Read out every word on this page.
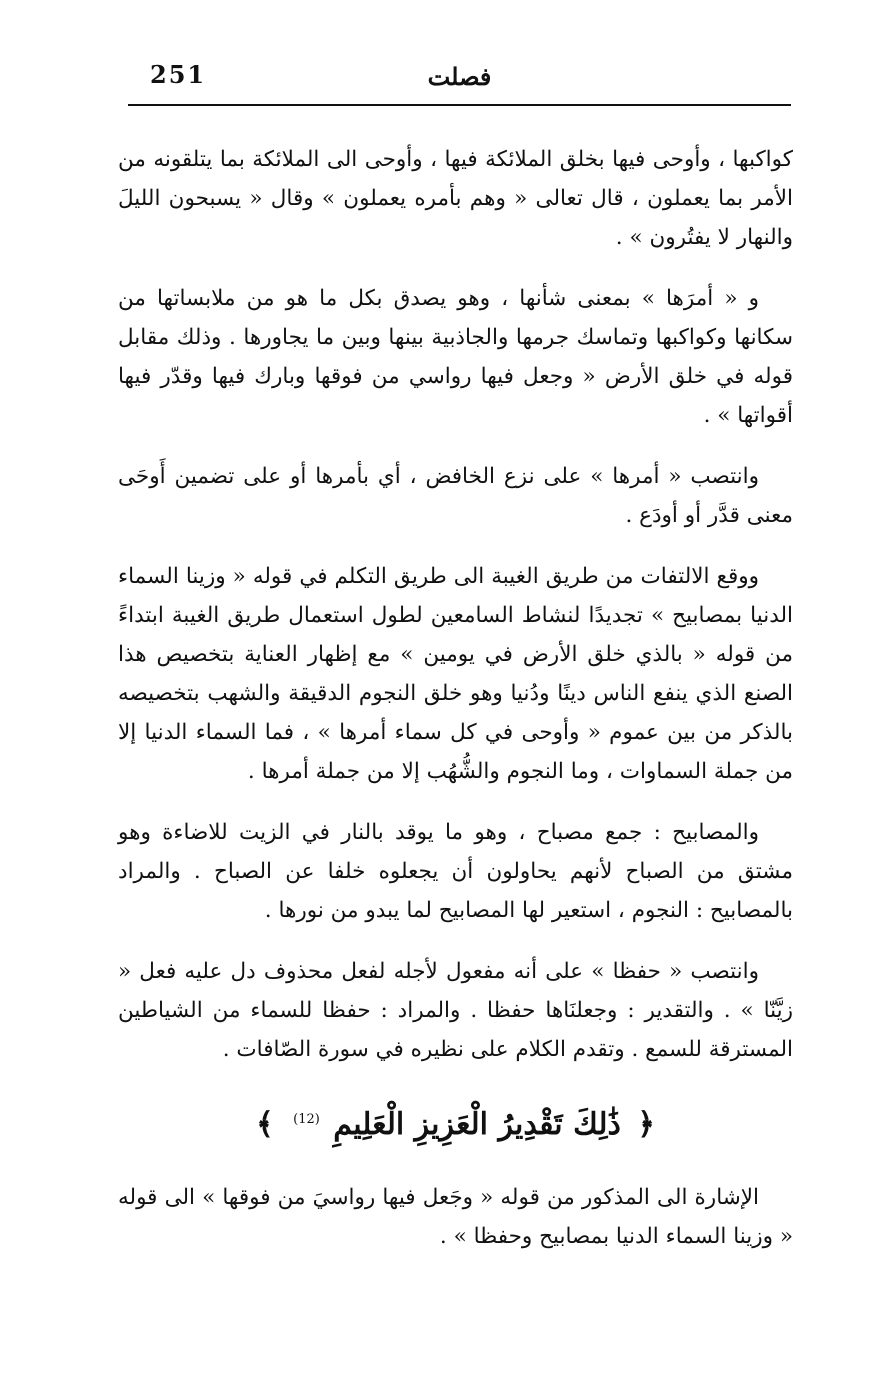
251	فصلت

كواكبها ، وأوحى فيها بخلق الملائكة فيها ، وأوحى الى الملائكة بما يتلقونه من الأمر بما يعملون ، قال تعالى « وهم بأمره يعملون » وقال « يسبحون الليلَ والنهار لا يفتُرون » .

و « أمرَها » بمعنى شأنها ، وهو يصدق بكل ما هو من ملابساتها من سكانها وكواكبها وتماسك جرمها والجاذبية بينها وبين ما يجاورها . وذلك مقابل قوله في خلق الأرض « وجعل فيها رواسي من فوقها وبارك فيها وقدّر فيها أقواتها » .

وانتصب « أمرها » على نزع الخافض ، أي بأمرها أو على تضمين أَوحَى معنى قدَّر أو أودَع .

ووقع الالتفات من طريق الغيبة الى طريق التكلم في قوله « وزينا السماء الدنيا بمصابيح » تجديدًا لنشاط السامعين لطول استعمال طريق الغيبة ابتداءً من قوله « بالذي خلق الأرض في يومين » مع إظهار العناية بتخصيص هذا الصنع الذي ينفع الناس دينًا ودُنيا وهو خلق النجوم الدقيقة والشهب بتخصيصه بالذكر من بين عموم « وأوحى في كل سماء أمرها » ، فما السماء الدنيا إلا من جملة السماوات ، وما النجوم والشُّهُب إلا من جملة أمرها .

والمصابيح : جمع مصباح ، وهو ما يوقد بالنار في الزيت للاضاءة وهو مشتق من الصباح لأنهم يحاولون أن يجعلوه خلفا عن الصباح . والمراد بالمصابيح : النجوم ، استعير لها المصابيح لما يبدو من نورها .

وانتصب « حفظا » على أنه مفعول لأجله لفعل محذوف دل عليه فعل « زيَّنّا » . والتقدير : وجعلنَاها حفظا . والمراد : حفظا للسماء من الشياطين المسترقة للسمع . وتقدم الكلام على نظيره في سورة الصّافات .

﴿ ذَٰلِكَ تَقْدِيرُ الْعَزِيزِ الْعَلِيمِ (12) ﴾

الإشارة الى المذكور من قوله « وجَعل فيها رواسيَ من فوقها » الى قوله « وزينا السماء الدنيا بمصابيح وحفظا » .
